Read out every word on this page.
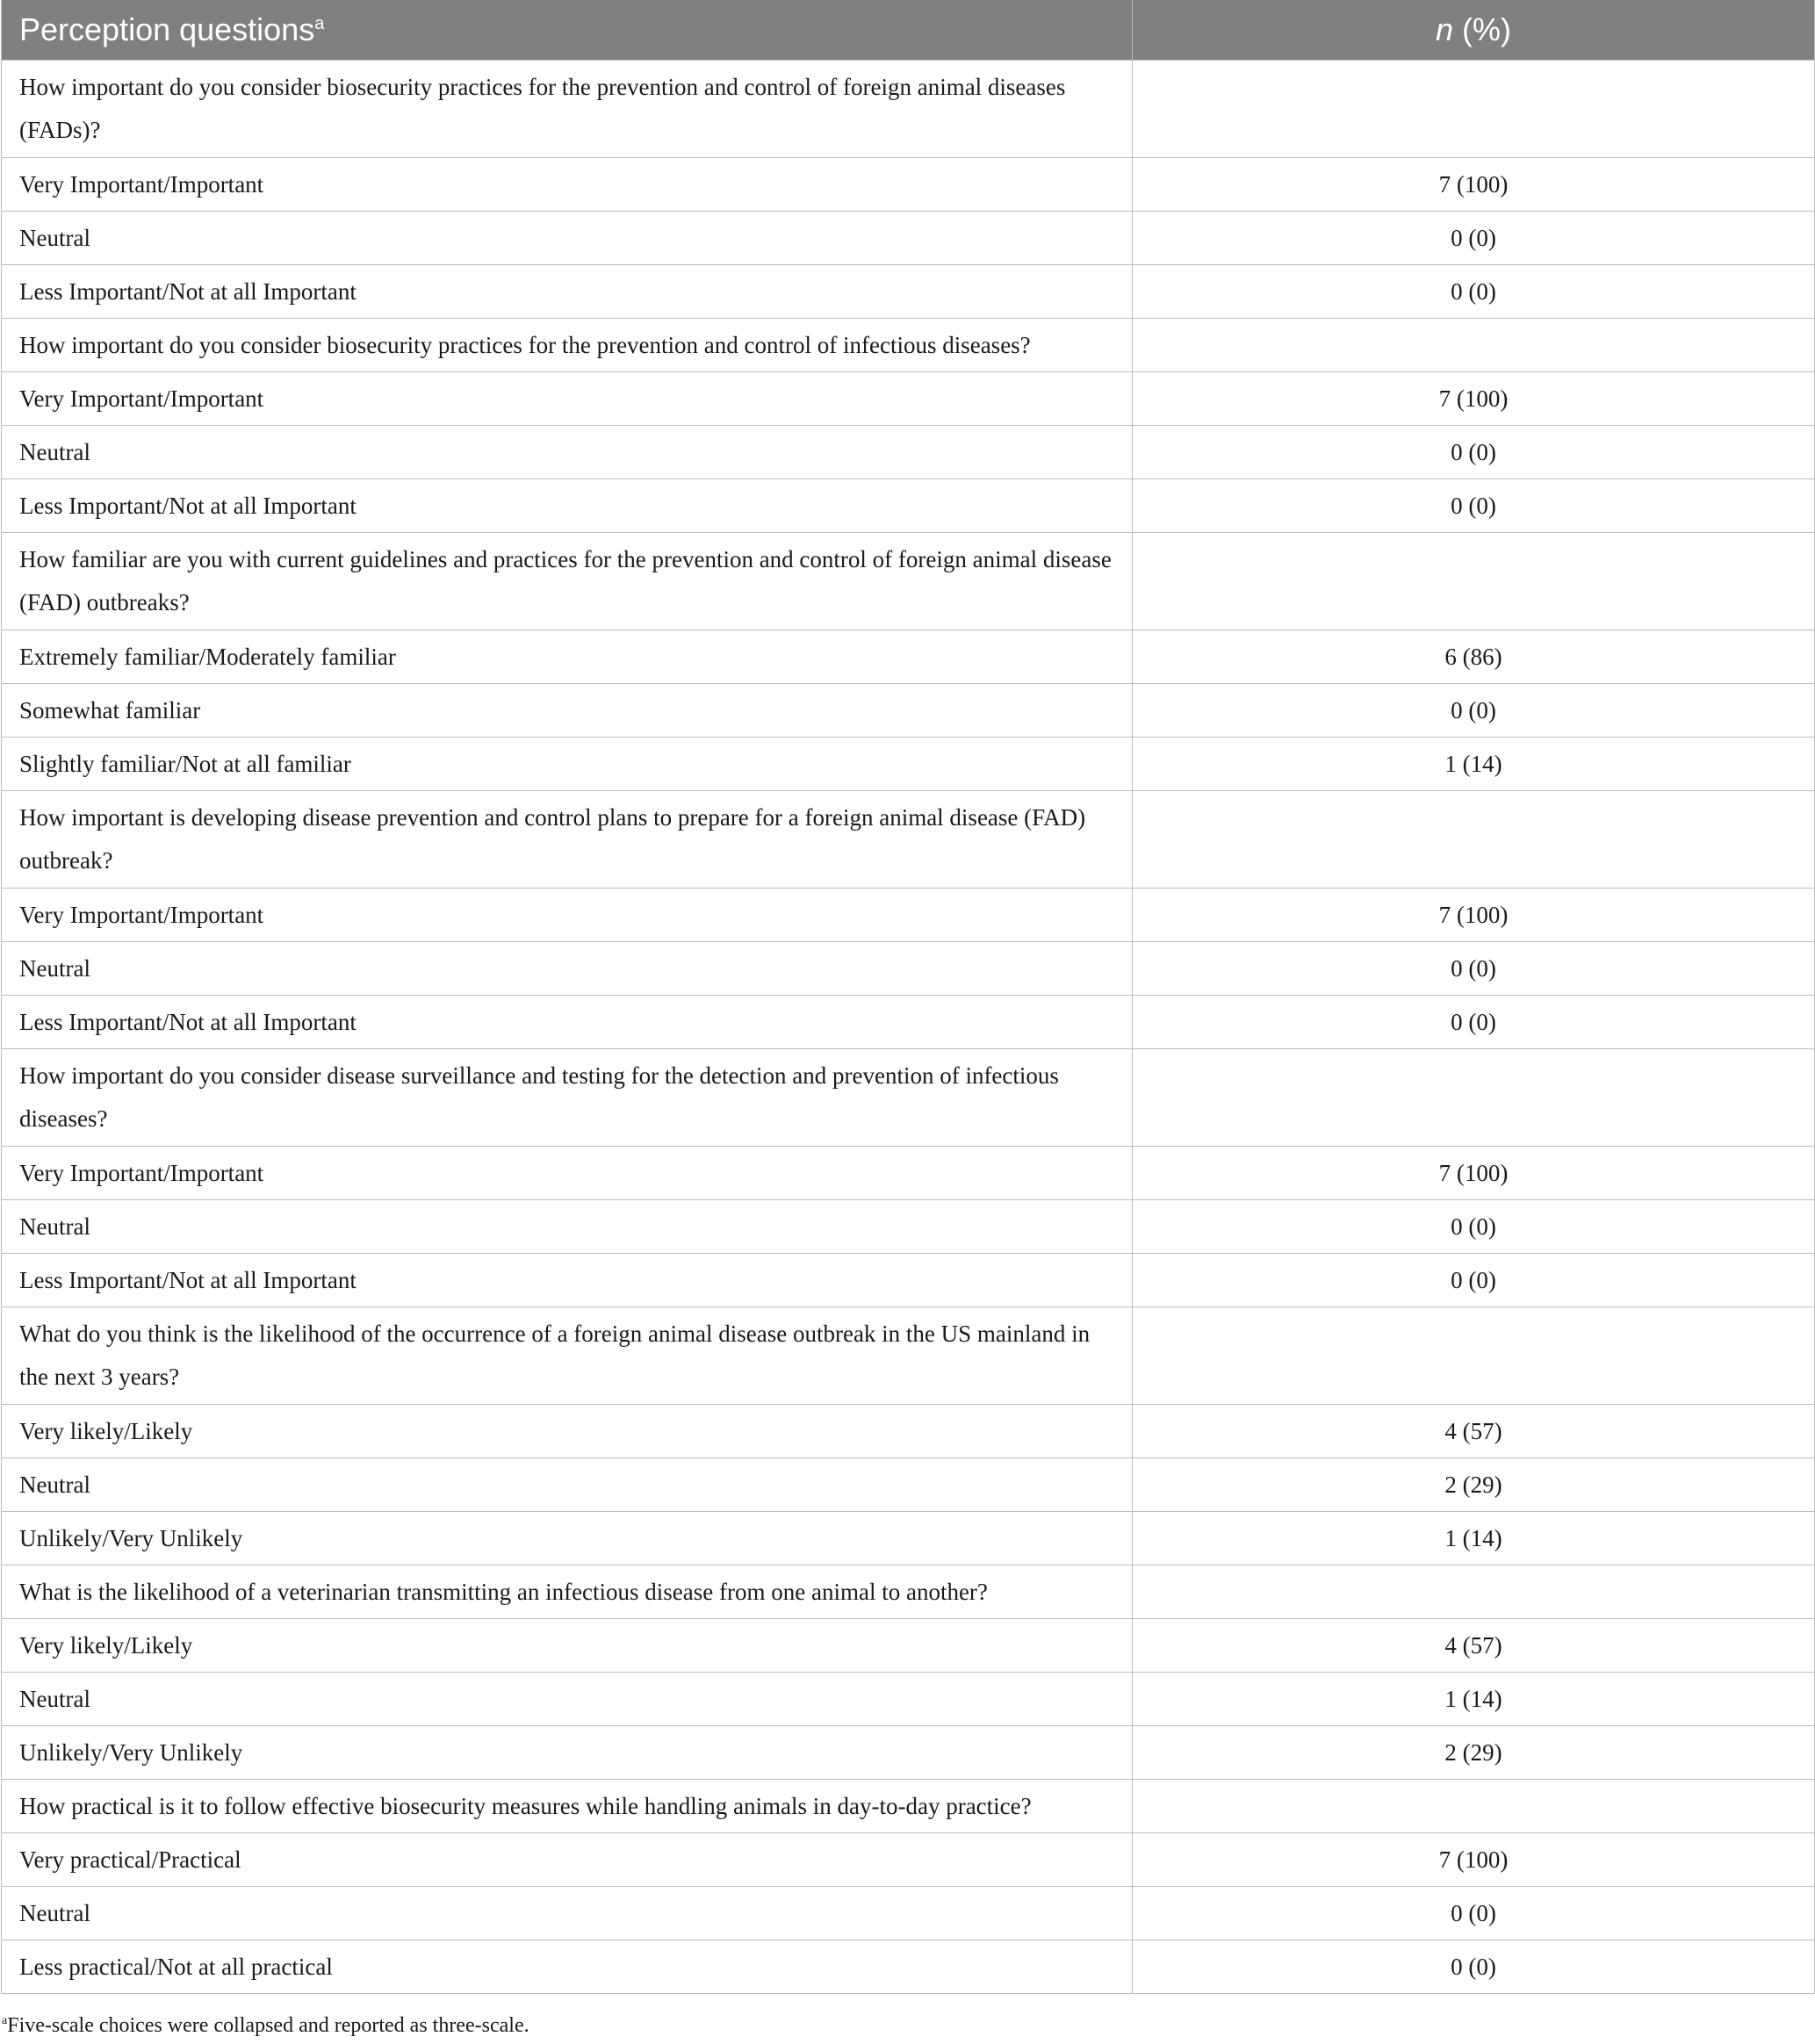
Perception questions$^a$	n (%)
How important do you consider biosecurity practices for the prevention and control of foreign animal diseases (FADs)?	
Very Important/Important	7 (100)
Neutral	0 (0)
Less Important/Not at all Important	0 (0)
How important do you consider biosecurity practices for the prevention and control of infectious diseases?	
Very Important/Important	7 (100)
Neutral	0 (0)
Less Important/Not at all Important	0 (0)
How familiar are you with current guidelines and practices for the prevention and control of foreign animal disease (FAD) outbreaks?	
Extremely familiar/Moderately familiar	6 (86)
Somewhat familiar	0 (0)
Slightly familiar/Not at all familiar	1 (14)
How important is developing disease prevention and control plans to prepare for a foreign animal disease (FAD) outbreak?	
Very Important/Important	7 (100)
Neutral	0 (0)
Less Important/Not at all Important	0 (0)
How important do you consider disease surveillance and testing for the detection and prevention of infectious diseases?	
Very Important/Important	7 (100)
Neutral	0 (0)
Less Important/Not at all Important	0 (0)
What do you think is the likelihood of the occurrence of a foreign animal disease outbreak in the US mainland in the next 3 years?	
Very likely/Likely	4 (57)
Neutral	2 (29)
Unlikely/Very Unlikely	1 (14)
What is the likelihood of a veterinarian transmitting an infectious disease from one animal to another?	
Very likely/Likely	4 (57)
Neutral	1 (14)
Unlikely/Very Unlikely	2 (29)
How practical is it to follow effective biosecurity measures while handling animals in day-to-day practice?	
Very practical/Practical	7 (100)
Neutral	0 (0)
Less practical/Not at all practical	0 (0)
$^a$Five-scale choices were collapsed and reported as three-scale.
